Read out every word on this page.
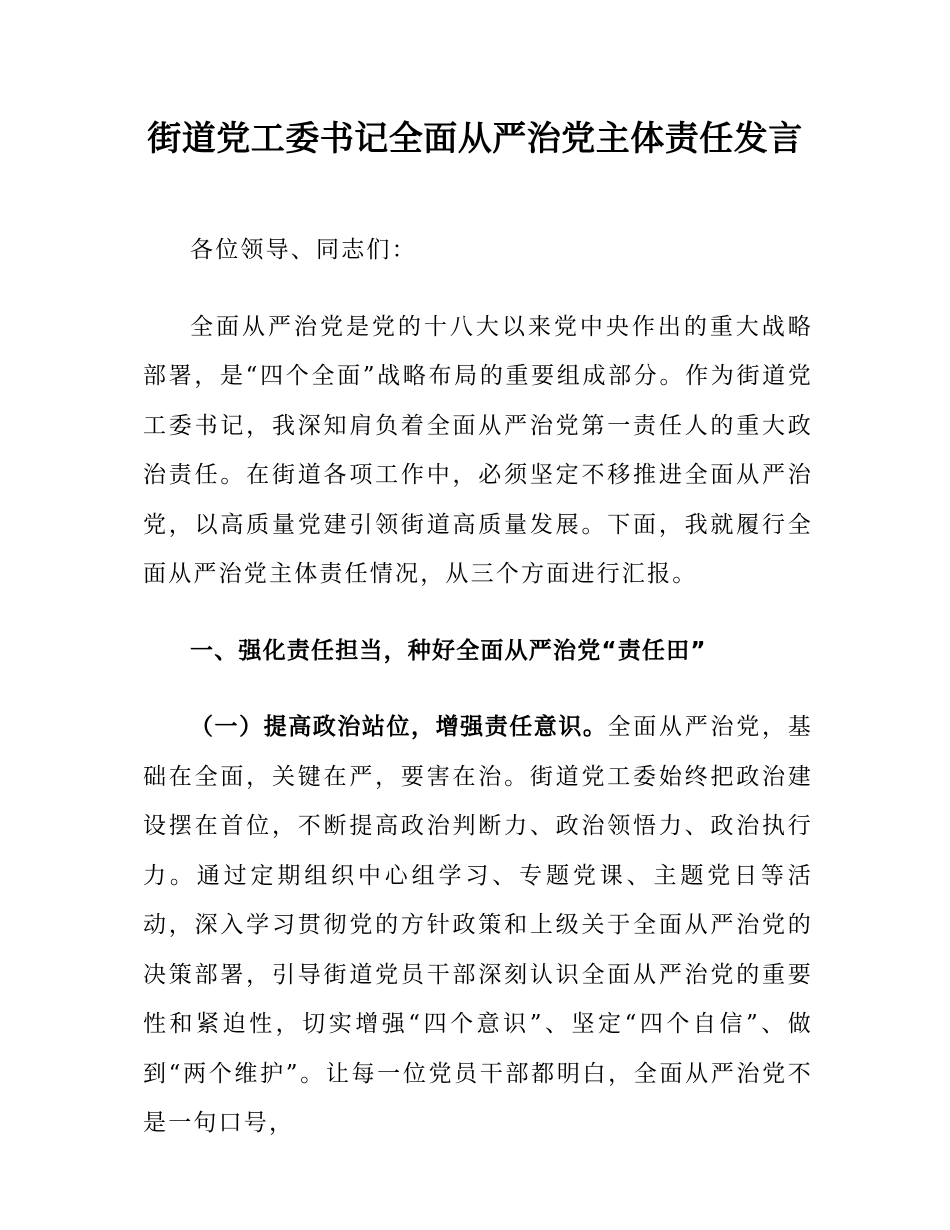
街道党工委书记全面从严治党主体责任发言

各位领导、同志们：

全面从严治党是党的十八大以来党中央作出的重大战略部署，是“四个全面”战略布局的重要组成部分。作为街道党工委书记，我深知肩负着全面从严治党第一责任人的重大政治责任。在街道各项工作中，必须坚定不移推进全面从严治党，以高质量党建引领街道高质量发展。下面，我就履行全面从严治党主体责任情况，从三个方面进行汇报。

一、强化责任担当，种好全面从严治党“责任田”

（一）提高政治站位，增强责任意识。全面从严治党，基础在全面，关键在严，要害在治。街道党工委始终把政治建设摆在首位，不断提高政治判断力、政治领悟力、政治执行力。通过定期组织中心组学习、专题党课、主题党日等活动，深入学习贯彻党的方针政策和上级关于全面从严治党的决策部署，引导街道党员干部深刻认识全面从严治党的重要性和紧迫性，切实增强“四个意识”、坚定“四个自信”、做到“两个维护”。让每一位党员干部都明白，全面从严治党不是一句口号，
